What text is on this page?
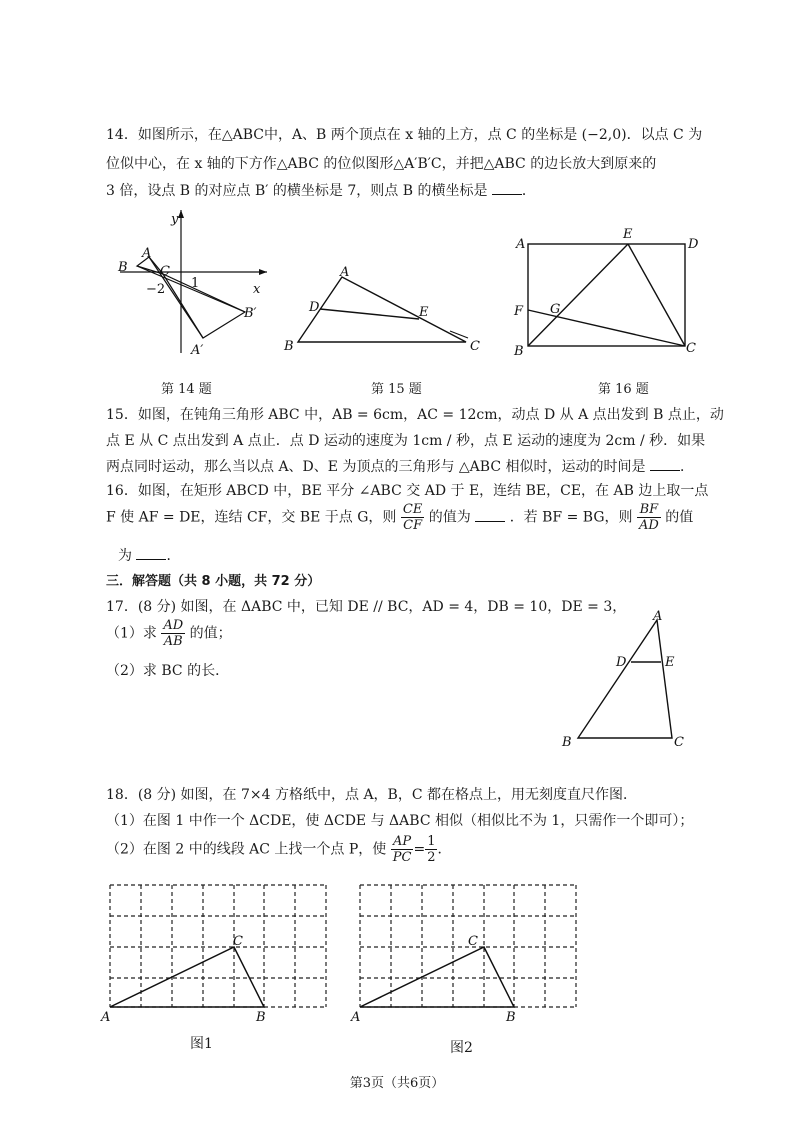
14．如图所示，在△ABC中，A、B 两个顶点在 x 轴的上方，点 C 的坐标是 (−2,0)．以点 C 为
位似中心，在 x 轴的下方作△ABC 的位似图形△A′B′C，并把△ABC 的边长放大到原来的
3 倍，设点 B 的对应点 B′ 的横坐标是 7，则点 B 的横坐标是 ．
y
x
A
B C
−2 1
B′
A′
第 14 题
A
B	C
D	E
第 15 题
A
E
D
F G
B	C
第 16 题
15．如图，在钝角三角形 ABC 中，AB = 6cm，AC = 12cm，动点 D 从 A 点出发到 B 点止，动
点 E 从 C 点出发到 A 点止．点 D 运动的速度为 1cm / 秒，点 E 运动的速度为 2cm / 秒．如果
两点同时运动，那么当以点 A、D、E 为顶点的三角形与 △ABC 相似时，运动的时间是 ．
16．如图，在矩形 ABCD 中，BE 平分 ∠ABC 交 AD 于 E，连结 BE，CE，在 AB 边上取一点
F 使 AF = DE，连结 CF，交 BE 于点 G，则 $\frac{CE}{CF}$ 的值为	．若 BF = BG，则 $\frac{BF}{AD}$ 的值
为 ．
三．解答题（共 8 小题，共 72 分）
17．(8 分) 如图，在 ΔABC 中，已知 DE // BC，AD = 4，DB = 10，DE = 3，
（1）求 $\frac{AD}{AB}$ 的值；
（2）求 BC 的长．
A
B	C
D	E
18．(8 分) 如图，在 7×4 方格纸中，点 A，B，C 都在格点上，用无刻度直尺作图．
（1）在图 1 中作一个 ΔCDE，使 ΔCDE 与 ΔABC 相似（相似比不为 1，只需作一个即可）；
（2）在图 2 中的线段 AC 上找一个点 P，使 $\frac{AP}{PC} = \frac{1}{2}$ ．
A	B
C
图1
A	B
C
图2
第3页（共6页）
